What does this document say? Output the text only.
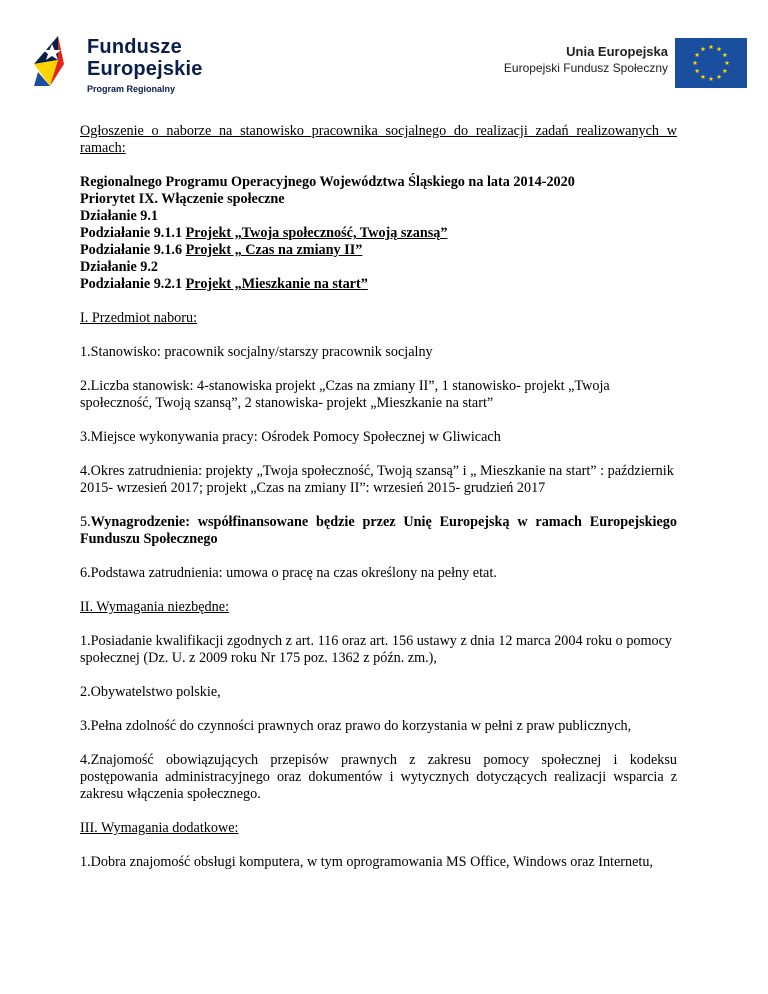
Fundusze
Europejskie
Program Regionalny
Unia Europejska
Europejski Fundusz Społeczny

Ogłoszenie o naborze na stanowisko pracownika socjalnego do realizacji zadań realizowanych w ramach:

Regionalnego Programu Operacyjnego Województwa Śląskiego na lata 2014-2020

Priorytet IX. Włączenie społeczne

Działanie 9.1

Podziałanie 9.1.1 Projekt „Twoja społeczność, Twoją szansą”

Podziałanie 9.1.6 Projekt „ Czas na zmiany II”

Działanie 9.2

Podziałanie 9.2.1 Projekt „Mieszkanie na start”

I. Przedmiot naboru:

1.Stanowisko: pracownik socjalny/starszy pracownik socjalny

2.Liczba stanowisk: 4-stanowiska projekt „Czas na zmiany II”, 1 stanowisko- projekt „Twoja społeczność, Twoją szansą”, 2 stanowiska- projekt „Mieszkanie na start”

3.Miejsce wykonywania pracy: Ośrodek Pomocy Społecznej w Gliwicach

4.Okres zatrudnienia: projekty „Twoja społeczność, Twoją szansą” i „ Mieszkanie na start” : październik 2015- wrzesień 2017; projekt „Czas na zmiany II”: wrzesień 2015- grudzień 2017

5.Wynagrodzenie: współfinansowane będzie przez Unię Europejską w ramach Europejskiego Funduszu Społecznego

6.Podstawa zatrudnienia: umowa o pracę na czas określony na pełny etat.

II. Wymagania niezbędne:

1.Posiadanie kwalifikacji zgodnych z art. 116 oraz art. 156 ustawy z dnia 12 marca 2004 roku o pomocy społecznej (Dz. U. z 2009 roku Nr 175 poz. 1362 z późn. zm.),

2.Obywatelstwo polskie,

3.Pełna zdolność do czynności prawnych oraz prawo do korzystania w pełni z praw publicznych,

4.Znajomość obowiązujących przepisów prawnych z zakresu pomocy społecznej i kodeksu postępowania administracyjnego oraz dokumentów i wytycznych dotyczących realizacji wsparcia z zakresu włączenia społecznego.

III. Wymagania dodatkowe:

1.Dobra znajomość obsługi komputera, w tym oprogramowania MS Office, Windows oraz Internetu,
